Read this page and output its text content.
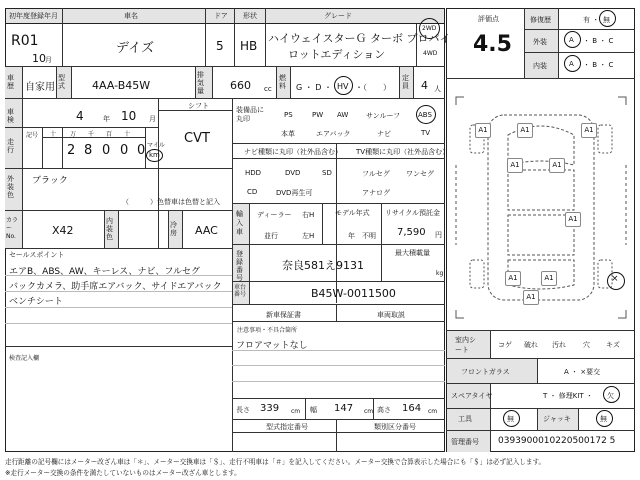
初年度登録年月	車名	ドア 形状	グレード
R01
10 月
デイズ	5 HB
ハイウェイスターＧ ターボ プロパイ
ロットエディション
2WD
4WD
車歴	自家用
型式 4AA-B45W
排気量 660 cc
燃料	G ・ D ・ HV ・（　　）
定員 4 人
車検	4	年 10 月
走行
記号 十 万 千 百 十
2 8 0 0 0 マイル
km
シフト
CVT
外装色
ブラック
（　　　）色替車は色替と記入
カラーNo.	X42
内装色
冷房 AAC
セールスポイント
エアB、ABS、AW、キーレス、ナビ、フルセグ
バックカメラ、助手席エアバック、サイドエアバック
ベンチシート
検査記入欄
装備品に丸印	PS	PW AW	サンルーフ	ABS
本革	エアバック	ナビ	TV
ナビ種類に丸印（社外品含む） TV種類に丸印（社外品含む）
HDD	DVD	SD
CD	DVD再生可
フルセグ ワンセグ
アナログ
輸入車
ディーラー
並行
右H
左H
モデル年式
年　不明
リサイクル預託金
7,590 円
登録番号
奈良581え9131
最大積載量
kg
車台番号	B45W-0011500
新車保証書	車両取説
注意事項・不具合箇所
フロアマットなし
長さ 339 cm 幅 147 cm 高さ 164 cm
型式指定番号	類別区分番号
評価点
4.5
修復歴	有 ・ 無
外装	A ・ B ・ C
内装	A ・ B ・ C
A1	A1
A1
A1	A1
A1
A1
A1
A1
×
室内シート
コゲ 破れ 汚れ 穴 キズ
フロントガラス	A ・ ×要交
スペアタイヤ	T ・ 修理KIT ・ 欠
工具	無	ジャッキ	無
管理番号 0393900010220500172 5
走行距離の記号欄にはメーター改ざん車は「＊」、メーター交換車は「＄」、走行不明車は「＃」を記入してください。メーター交換で合算表示した場合にも「＄」は必ず記入します。
※走行メーター交換の条件を満たしていないものはメーター改ざん車とします。
